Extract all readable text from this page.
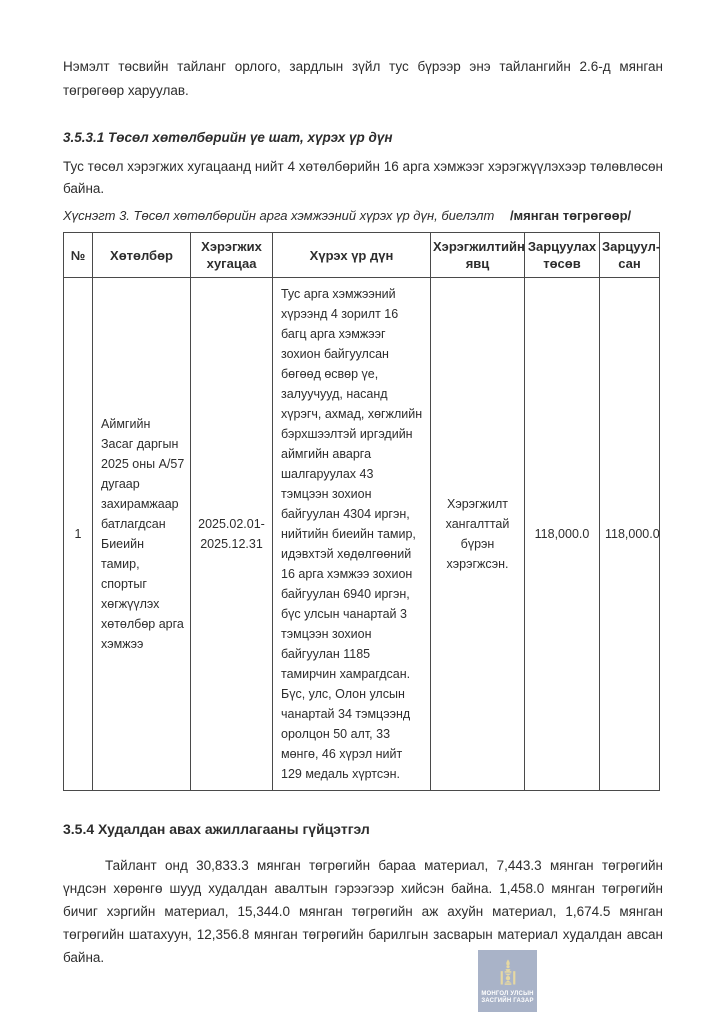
Нэмэлт төсвийн тайланг орлого, зардлын зүйл тус бүрээр энэ тайлангийн 2.6-д мянган төгрөгөөр харуулав.

3.5.3.1 Төсөл хөтөлбөрийн үе шат, хүрэх үр дүн

Тус төсөл хэрэгжих хугацаанд нийт 4 хөтөлбөрийн 16 арга хэмжээг хэрэгжүүлэхээр төлөвлөсөн байна.

Хүснэгт 3. Төсөл хөтөлбөрийн арга хэмжээний хүрэх үр дүн, биелэлт /мянган төгрөгөөр/

№	Хөтөлбөр	Хэрэгжих хугацаа	Хүрэх үр дүн	Хэрэгжилтийн явц	Зарцуулах төсөв	Зарцуул-сан
1	Аймгийн Засаг даргын 2025 оны А/57 дугаар захирамжаар батлагдсан Биеийн тамир, спортыг хөгжүүлэх хөтөлбөр арга хэмжээ	2025.02.01-2025.12.31	Тус арга хэмжээний хүрээнд 4 зорилт 16 багц арга хэмжээг зохион байгуулсан бөгөөд өсвөр үе, залуучууд, насанд хүрэгч, ахмад, хөгжлийн бэрхшээлтэй иргэдийн аймгийн аварга шалгаруулах 43 тэмцээн зохион байгуулан 4304 иргэн, нийтийн биеийн тамир, идэвхтэй хөдөлгөөний 16 арга хэмжээ зохион байгуулан 6940 иргэн, бүс улсын чанартай 3 тэмцээн зохион байгуулан 1185 тамирчин хамрагдсан. Бүс, улс, Олон улсын чанартай 34 тэмцээнд оролцон 50 алт, 33 мөнгө, 46 хүрэл нийт 129 медаль хүртсэн.	Хэрэгжилт хангалттай бүрэн хэрэгжсэн.	118,000.0	118,000.0
3.5.4 Худалдан авах ажиллагааны гүйцэтгэл

Тайлант онд 30,833.3 мянган төгрөгийн бараа материал, 7,443.3 мянган төгрөгийн үндсэн хөрөнгө шууд худалдан авалтын гэрээгээр хийсэн байна. 1,458.0 мянган төгрөгийн бичиг хэргийн материал, 15,344.0 мянган төгрөгийн аж ахуйн материал, 1,674.5 мянган төгрөгийн шатахуун, 12,356.8 мянган төгрөгийн барилгын засварын материал худалдан авсан байна.

МОНГОЛ УЛСЫН
ЗАСГИЙН ГАЗАР
